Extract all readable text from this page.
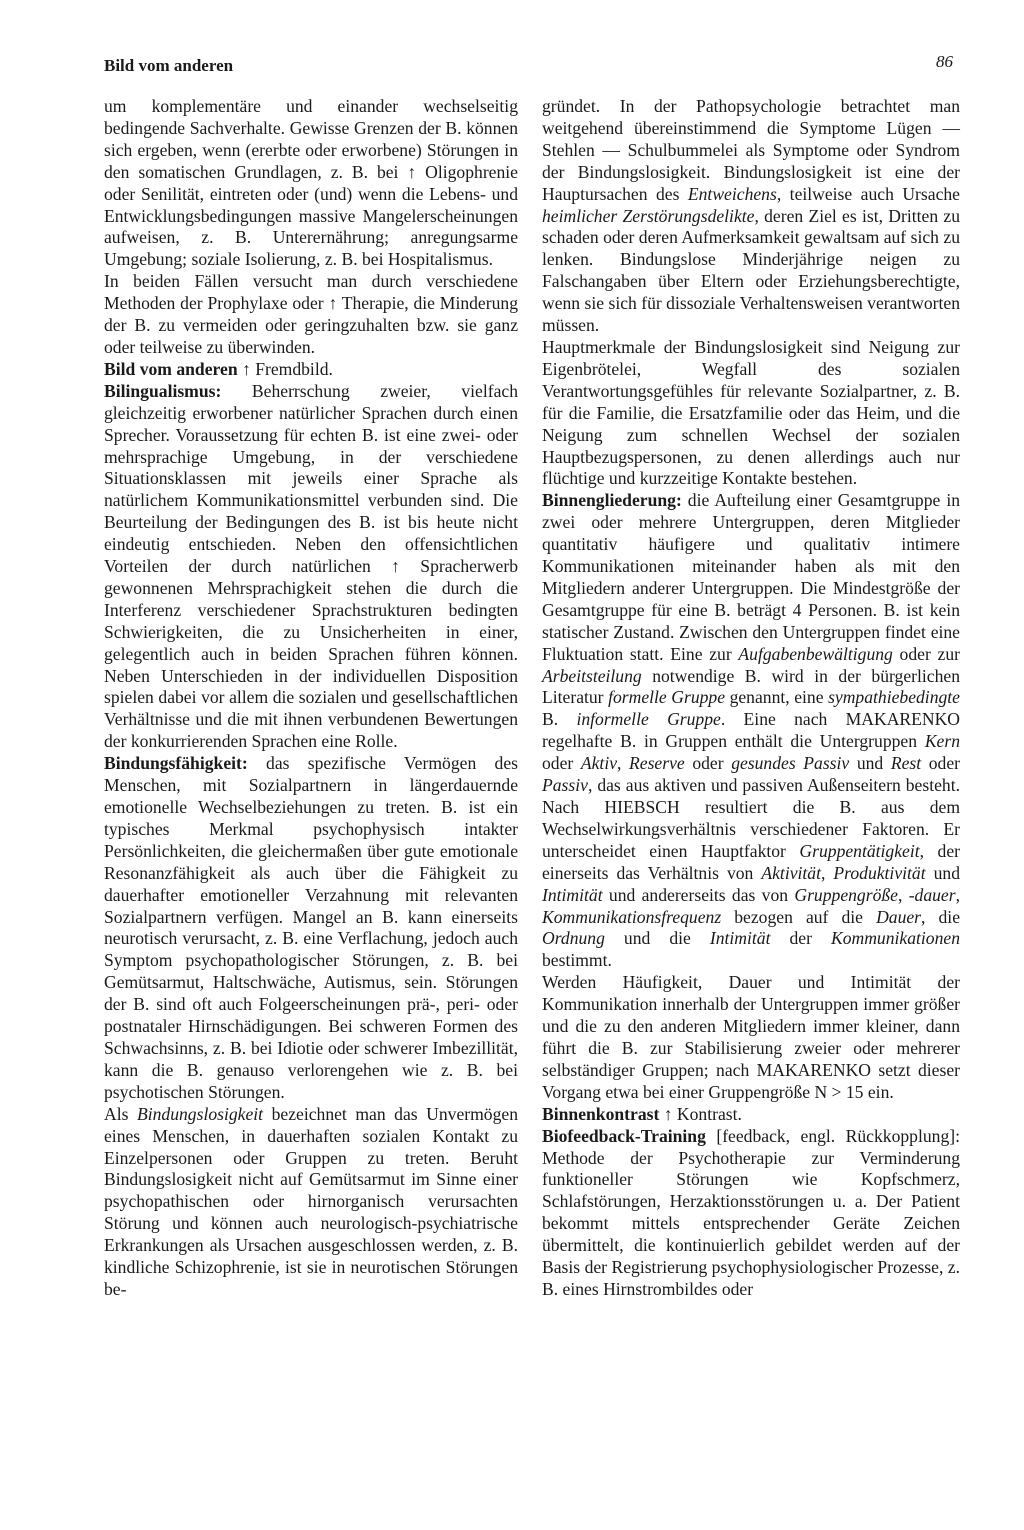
Bild vom anderen	86

um komplementäre und einander wechselseitig bedingende Sachverhalte. Gewisse Grenzen der B. können sich ergeben, wenn (ererbte oder erworbene) Störungen in den somatischen Grundlagen, z. B. bei ↑ Oligophrenie oder Senilität, eintreten oder (und) wenn die Lebens- und Entwicklungsbedingungen massive Mangelerscheinungen aufweisen, z. B. Unterernährung; anregungsarme Umgebung; soziale Isolierung, z. B. bei Hospitalismus.

In beiden Fällen versucht man durch verschiedene Methoden der Prophylaxe oder ↑ Therapie, die Minderung der B. zu vermeiden oder geringzuhalten bzw. sie ganz oder teilweise zu überwinden.

Bild vom anderen ↑ Fremdbild.

Bilingualismus: Beherrschung zweier, vielfach gleichzeitig erworbener natürlicher Sprachen durch einen Sprecher. Voraussetzung für echten B. ist eine zwei- oder mehrsprachige Umgebung, in der verschiedene Situationsklassen mit jeweils einer Sprache als natürlichem Kommunikationsmittel verbunden sind. Die Beurteilung der Bedingungen des B. ist bis heute nicht eindeutig entschieden. Neben den offensichtlichen Vorteilen der durch natürlichen ↑ Spracherwerb gewonnenen Mehrsprachigkeit stehen die durch die Interferenz verschiedener Sprachstrukturen bedingten Schwierigkeiten, die zu Unsicherheiten in einer, gelegentlich auch in beiden Sprachen führen können. Neben Unterschieden in der individuellen Disposition spielen dabei vor allem die sozialen und gesellschaftlichen Verhältnisse und die mit ihnen verbundenen Bewertungen der konkurrierenden Sprachen eine Rolle.

Bindungsfähigkeit: das spezifische Vermögen des Menschen, mit Sozialpartnern in längerdauernde emotionelle Wechselbeziehungen zu treten. B. ist ein typisches Merkmal psychophysisch intakter Persönlichkeiten, die gleichermaßen über gute emotionale Resonanzfähigkeit als auch über die Fähigkeit zu dauerhafter emotioneller Verzahnung mit relevanten Sozialpartnern verfügen. Mangel an B. kann einerseits neurotisch verursacht, z. B. eine Verflachung, jedoch auch Symptom psychopathologischer Störungen, z. B. bei Gemütsarmut, Haltschwäche, Autismus, sein. Störungen der B. sind oft auch Folgeerscheinungen prä-, peri- oder postnataler Hirnschädigungen. Bei schweren Formen des Schwachsinns, z. B. bei Idiotie oder schwerer Imbezillität, kann die B. genauso verlorengehen wie z. B. bei psychotischen Störungen.

Als Bindungslosigkeit bezeichnet man das Unvermögen eines Menschen, in dauerhaften sozialen Kontakt zu Einzelpersonen oder Gruppen zu treten. Beruht Bindungslosigkeit nicht auf Gemütsarmut im Sinne einer psychopathischen oder hirnorganisch verursachten Störung und können auch neurologisch-psychiatrische Erkrankungen als Ursachen ausgeschlossen werden, z. B. kindliche Schizophrenie, ist sie in neurotischen Störungen be-

gründet. In der Pathopsychologie betrachtet man weitgehend übereinstimmend die Symptome Lügen — Stehlen — Schulbummelei als Symptome oder Syndrom der Bindungslosigkeit. Bindungslosigkeit ist eine der Hauptursachen des Entweichens, teilweise auch Ursache heimlicher Zerstörungsdelikte, deren Ziel es ist, Dritten zu schaden oder deren Aufmerksamkeit gewaltsam auf sich zu lenken. Bindungslose Minderjährige neigen zu Falschangaben über Eltern oder Erziehungsberechtigte, wenn sie sich für dissoziale Verhaltensweisen verantworten müssen.

Hauptmerkmale der Bindungslosigkeit sind Neigung zur Eigenbrötelei, Wegfall des sozialen Verantwortungsgefühles für relevante Sozialpartner, z. B. für die Familie, die Ersatzfamilie oder das Heim, und die Neigung zum schnellen Wechsel der sozialen Hauptbezugspersonen, zu denen allerdings auch nur flüchtige und kurzzeitige Kontakte bestehen.

Binnengliederung: die Aufteilung einer Gesamtgruppe in zwei oder mehrere Untergruppen, deren Mitglieder quantitativ häufigere und qualitativ intimere Kommunikationen miteinander haben als mit den Mitgliedern anderer Untergruppen. Die Mindestgröße der Gesamtgruppe für eine B. beträgt 4 Personen. B. ist kein statischer Zustand. Zwischen den Untergruppen findet eine Fluktuation statt. Eine zur Aufgabenbewältigung oder zur Arbeitsteilung notwendige B. wird in der bürgerlichen Literatur formelle Gruppe genannt, eine sympathiebedingte B. informelle Gruppe. Eine nach MAKARENKO regelhafte B. in Gruppen enthält die Untergruppen Kern oder Aktiv, Reserve oder gesundes Passiv und Rest oder Passiv, das aus aktiven und passiven Außenseitern besteht. Nach HIEBSCH resultiert die B. aus dem Wechselwirkungsverhältnis verschiedener Faktoren. Er unterscheidet einen Hauptfaktor Gruppentätigkeit, der einerseits das Verhältnis von Aktivität, Produktivität und Intimität und andererseits das von Gruppengröße, -dauer, Kommunikationsfrequenz bezogen auf die Dauer, die Ordnung und die Intimität der Kommunikationen bestimmt.

Werden Häufigkeit, Dauer und Intimität der Kommunikation innerhalb der Untergruppen immer größer und die zu den anderen Mitgliedern immer kleiner, dann führt die B. zur Stabilisierung zweier oder mehrerer selbständiger Gruppen; nach MAKARENKO setzt dieser Vorgang etwa bei einer Gruppengröße N > 15 ein.

Binnenkontrast ↑ Kontrast.

Biofeedback-Training [feedback, engl. Rückkopplung]: Methode der Psychotherapie zur Verminderung funktioneller Störungen wie Kopfschmerz, Schlafstörungen, Herzaktionsstörungen u. a. Der Patient bekommt mittels entsprechender Geräte Zeichen übermittelt, die kontinuierlich gebildet werden auf der Basis der Registrierung psychophysiologischer Prozesse, z. B. eines Hirnstrombildes oder
